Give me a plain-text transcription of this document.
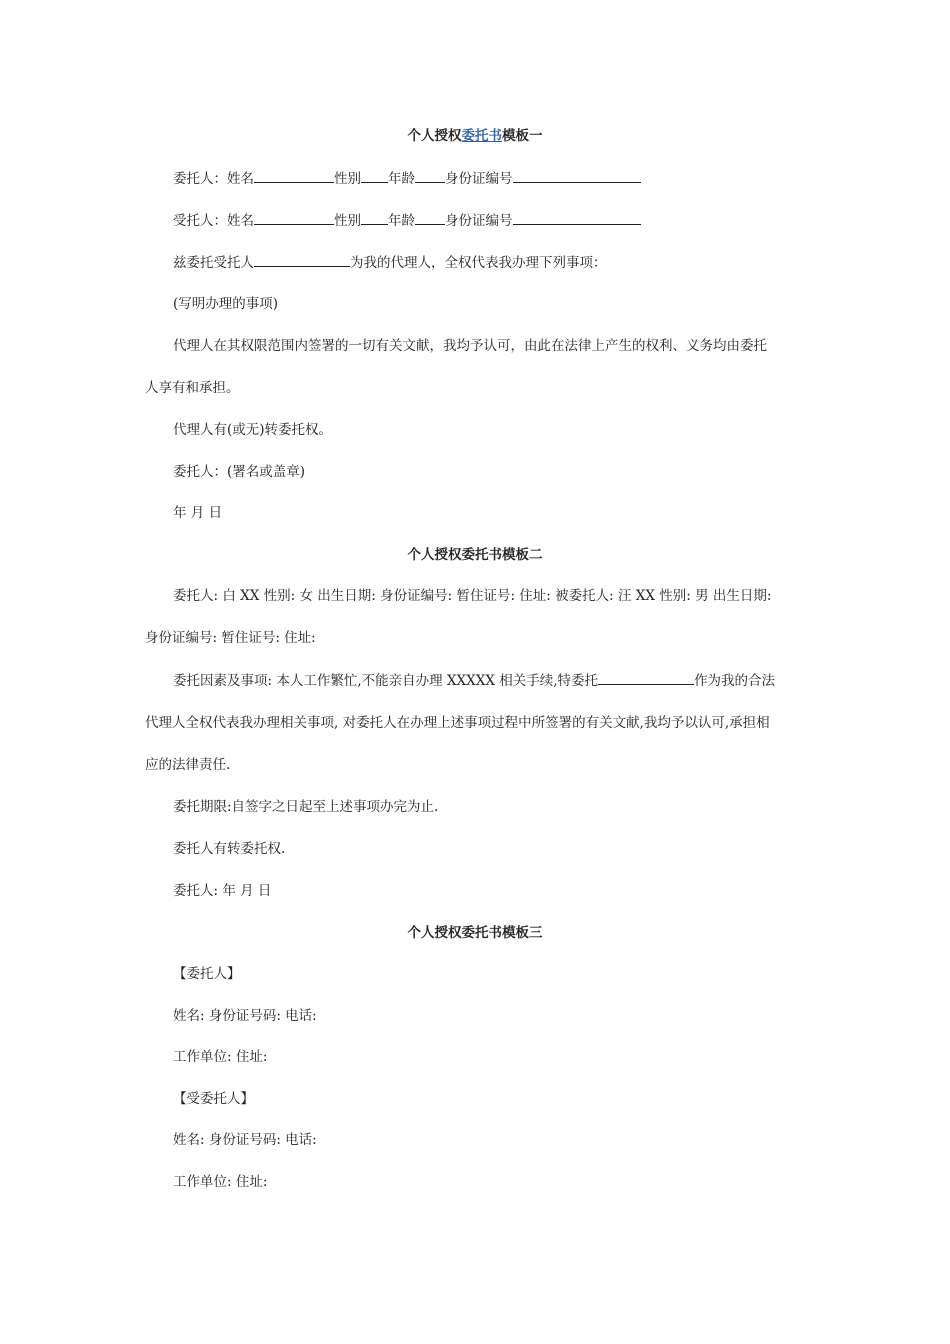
个人授权委托书模板一
委托人：姓名	性别 年龄 身份证编号
受托人：姓名	性别 年龄 身份证编号
兹委托受托人	为我的代理人，全权代表我办理下列事项：
(写明办理的事项)
代理人在其权限范围内签署的一切有关文献，我均予认可，由此在法律上产生的权利、义务均由委托
人享有和承担。
代理人有(或无)转委托权。
委托人：(署名或盖章)
年 月 日
个人授权委托书模板二
委托人: 白 XX 性别: 女 出生日期: 身份证编号: 暂住证号: 住址: 被委托人: 汪 XX 性别: 男 出生日期:
身份证编号: 暂住证号: 住址:
委托因素及事项: 本人工作繁忙,不能亲自办理 XXXXX 相关手续,特委托	作为我的合法
代理人全权代表我办理相关事项, 对委托人在办理上述事项过程中所签署的有关文献,我均予以认可,承担相
应的法律责任.
委托期限:自签字之日起至上述事项办完为止.
委托人有转委托权.
委托人: 年 月 日
个人授权委托书模板三
【委托人】
姓名: 身份证号码: 电话:
工作单位: 住址:
【受委托人】
姓名: 身份证号码: 电话:
工作单位: 住址:
